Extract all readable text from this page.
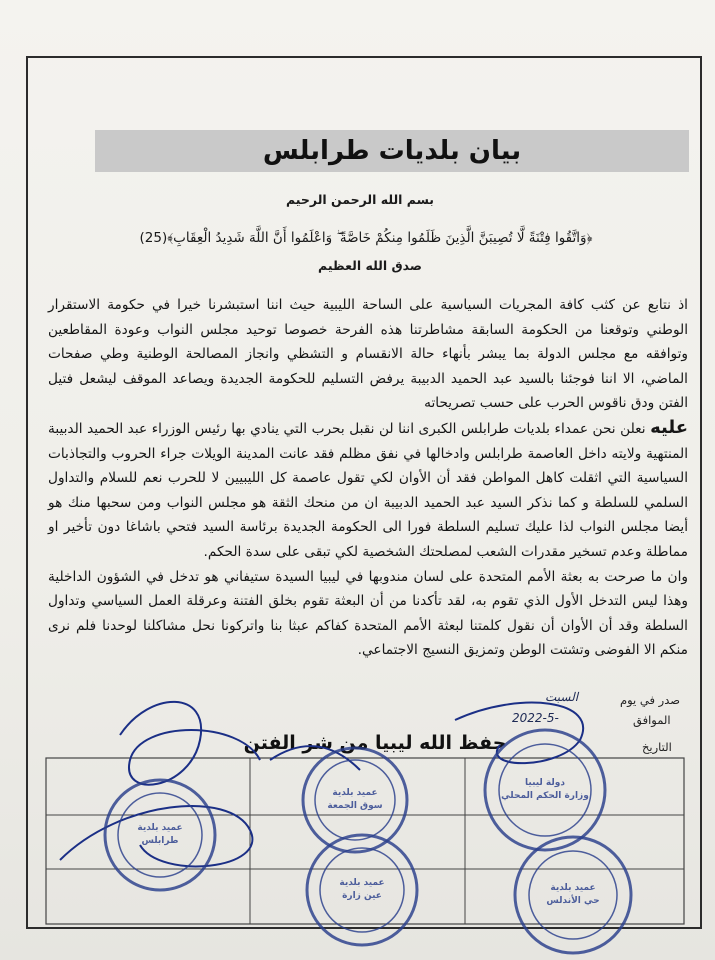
بيان بلديات طرابلس
بسم الله الرحمن الرحيم
﴿وَاتَّقُوا فِتْنَةً لَّا تُصِيبَنَّ الَّذِينَ ظَلَمُوا مِنكُمْ خَاصَّةً ۖ وَاعْلَمُوا أَنَّ اللَّهَ شَدِيدُ الْعِقَابِ﴾(25)
صدق الله العظيم

اذ نتابع عن كثب كافة المجريات السياسية على الساحة الليبية حيث اننا استبشرنا خيرا في حكومة الاستقرار الوطني وتوقعنا من الحكومة السابقة مشاطرتنا هذه الفرحة خصوصا توحيد مجلس النواب وعودة المقاطعين وتوافقه مع مجلس الدولة بما يبشر بأنهاء حالة الانقسام و التشظي وانجاز المصالحة الوطنية وطي صفحات الماضي، الا اننا فوجئنا بالسيد عبد الحميد الدبيبة يرفض التسليم للحكومة الجديدة ويصاعد الموقف ليشعل فتيل الفتن ودق ناقوس الحرب على حسب تصريحاته

عليه نعلن نحن عمداء بلديات طرابلس الكبرى اننا لن نقبل بحرب التي ينادي بها رئيس الوزراء عبد الحميد الدبيبة المنتهية ولايته داخل العاصمة طرابلس وادخالها في نفق مظلم فقد عانت المدينة الويلات جراء الحروب والتجاذبات السياسية التي اثقلت كاهل المواطن فقد أن الأوان لكي تقول عاصمة كل الليبيين لا للحرب نعم للسلام والتداول السلمي للسلطة و كما نذكر السيد عبد الحميد الدبيبة ان من منحك الثقة هو مجلس النواب ومن سحبها منك هو أيضا مجلس النواب لذا عليك تسليم السلطة فورا الى الحكومة الجديدة برئاسة السيد فتحي باشاغا دون تأخير او مماطلة وعدم تسخير مقدرات الشعب لمصلحتك الشخصية لكي تبقى على سدة الحكم.

وان ما صرحت به بعثة الأمم المتحدة على لسان مندوبها في ليبيا السيدة ستيفاني هو تدخل في الشؤون الداخلية وهذا ليس التدخل الأول الذي تقوم به، لقد تأكدنا من أن البعثة تقوم بخلق الفتنة وعرقلة العمل السياسي وتداول السلطة وقد أن الأوان أن نقول كلمتنا لبعثة الأمم المتحدة كفاكم عبثا بنا واتركونا نحل مشاكلنا لوحدنا فلم نرى منكم الا الفوضى وتشتت الوطن وتمزيق النسيج الاجتماعي.

صدر في يوم
السبت
الموافق
2022-5-
التاريخ
حفظ الله ليبيا من شر الفتن
عميد بلدية
طرابلس
عميد بلدية
سوق الجمعة
دولة ليبيا
وزارة الحكم المحلي
عميد بلدية
عين زارة
عميد بلدية
حي الأندلس
